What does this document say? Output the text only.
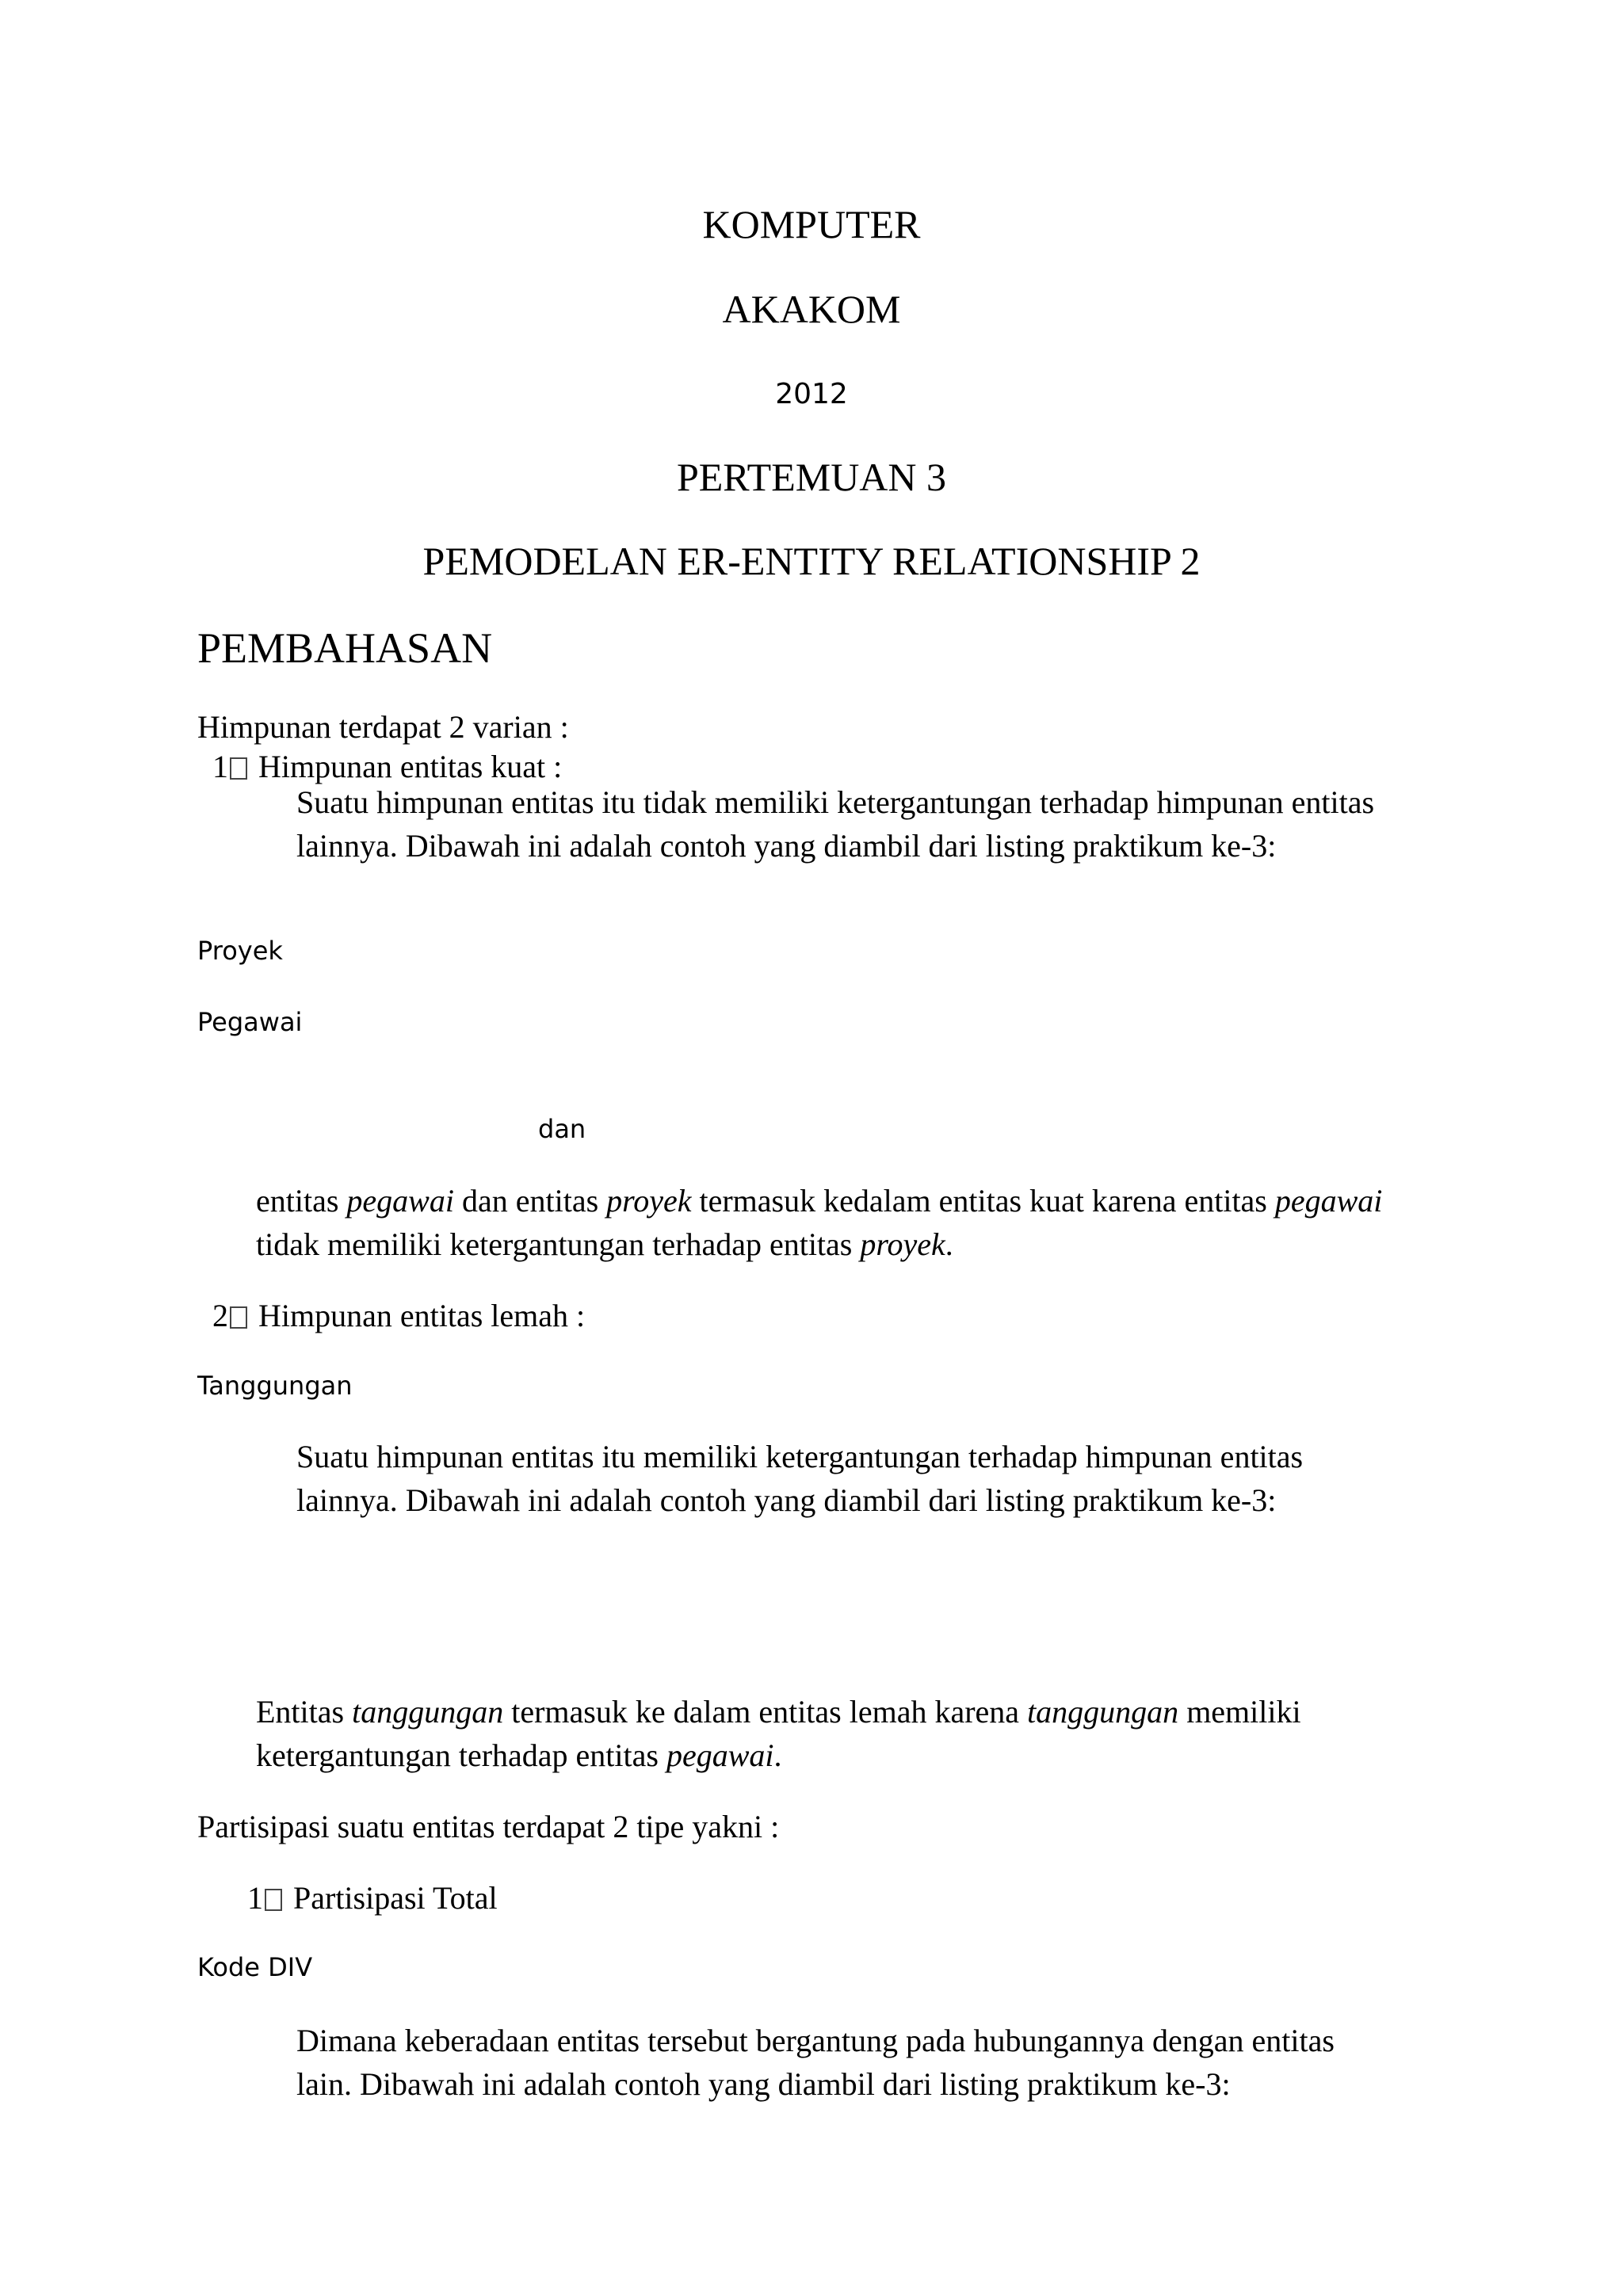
KOMPUTER
AKAKOM
2012
PERTEMUAN 3
PEMODELAN ER-ENTITY RELATIONSHIP 2
PEMBAHASAN
Himpunan terdapat 2 varian :
1 Himpunan entitas kuat :
Suatu himpunan entitas itu tidak memiliki ketergantungan terhadap himpunan entitas
lainnya. Dibawah ini adalah contoh yang diambil dari listing praktikum ke-3:
Proyek
Pegawai
dan
entitas pegawai dan entitas proyek termasuk kedalam entitas kuat karena entitas pegawai
tidak memiliki ketergantungan terhadap entitas proyek.
2 Himpunan entitas lemah :
Tanggungan
Suatu himpunan entitas itu memiliki ketergantungan terhadap himpunan entitas
lainnya. Dibawah ini adalah contoh yang diambil dari listing praktikum ke-3:
Entitas tanggungan termasuk ke dalam entitas lemah karena tanggungan memiliki
ketergantungan terhadap entitas pegawai.
Partisipasi suatu entitas terdapat 2 tipe yakni :
1 Partisipasi Total
Kode DIV
Dimana keberadaan entitas tersebut bergantung pada hubungannya dengan entitas
lain. Dibawah ini adalah contoh yang diambil dari listing praktikum ke-3:
